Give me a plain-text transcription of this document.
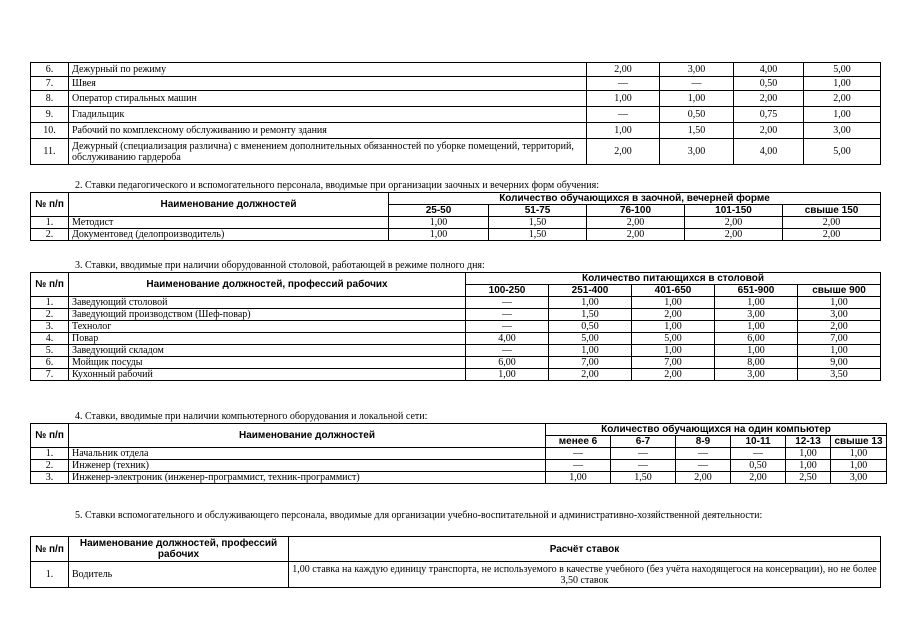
6.	Дежурный по режиму	2,00	3,00	4,00	5,00
7.	Швея	—	—	0,50	1,00
8.	Оператор стиральных машин	1,00	1,00	2,00	2,00
9.	Гладильщик	—	0,50	0,75	1,00
10.	Рабочий по комплексному обслуживанию и ремонту здания	1,00	1,50	2,00	3,00
11.	Дежурный (специализация различна) с вменением дополнительных обязанностей по уборке помещений, территорий, обслуживанию гардероба	2,00	3,00	4,00	5,00
2. Ставки педагогического и вспомогательного персонала, вводимые при организации заочных и вечерних форм обучения:
№ п/п	Наименование должностей	Количество обучающихся в заочной, вечерней форме				
		25-50	51-75	76-100	101-150	свыше 150
1.	Методист	1,00	1,50	2,00	2,00	2,00
2.	Документовед (делопроизводитель)	1,00	1,50	2,00	2,00	2,00
3. Ставки, вводимые при наличии оборудованной столовой, работающей в режиме полного дня:
№ п/п	Наименование должностей, профессий рабочих	Количество питающихся в столовой				
		100-250	251-400	401-650	651-900	свыше 900
1.	Заведующий столовой	—	1,00	1,00	1,00	1,00
2.	Заведующий производством (Шеф-повар)	—	1,50	2,00	3,00	3,00
3.	Технолог	—	0,50	1,00	1,00	2,00
4.	Повар	4,00	5,00	5,00	6,00	7,00
5.	Заведующий складом	—	1,00	1,00	1,00	1,00
6.	Мойщик посуды	6,00	7,00	7,00	8,00	9,00
7.	Кухонный рабочий	1,00	2,00	2,00	3,00	3,50
4. Ставки, вводимые при наличии компьютерного оборудования и локальной сети:
№ п/п	Наименование должностей	Количество обучающихся на один компьютер					
		менее 6	6-7	8-9	10-11	12-13	свыше 13
1.	Начальник отдела	—	—	—	—	1,00	1,00
2.	Инженер (техник)	—	—	—	0,50	1,00	1,00
3.	Инженер-электроник (инженер-программист, техник-программист)	1,00	1,50	2,00	2,00	2,50	3,00
5. Ставки вспомогательного и обслуживающего персонала, вводимые для организации учебно-воспитательной и административно-хозяйственной деятельности:
№ п/п	Наименование должностей, профессий рабочих	Расчёт ставок
1.	Водитель	1,00 ставка на каждую единицу транспорта, не используемого в качестве учебного (без учёта находящегося на консервации), но не более 3,50 ставок
